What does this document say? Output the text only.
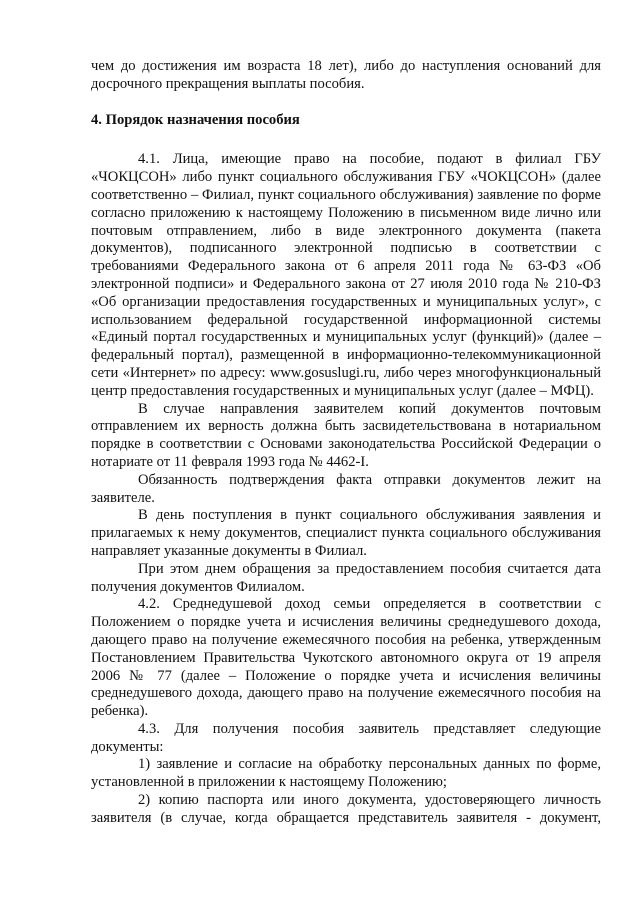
чем до достижения им возраста 18 лет), либо до наступления оснований для досрочного прекращения выплаты пособия.

4. Порядок назначения пособия

4.1. Лица, имеющие право на пособие, подают в филиал ГБУ «ЧОКЦСОН» либо пункт социального обслуживания ГБУ «ЧОКЦСОН» (далее соответственно – Филиал, пункт социального обслуживания) заявление по форме согласно приложению к настоящему Положению в письменном виде лично или почтовым отправлением, либо в виде электронного документа (пакета документов), подписанного электронной подписью в соответствии с требованиями Федерального закона от 6 апреля 2011 года № 63-ФЗ «Об электронной подписи» и Федерального закона от 27 июля 2010 года № 210-ФЗ «Об организации предоставления государственных и муниципальных услуг», с использованием федеральной государственной информационной системы «Единый портал государственных и муниципальных услуг (функций)» (далее – федеральный портал), размещенной в информационно-телекоммуникационной сети «Интернет» по адресу: www.gosuslugi.ru, либо через многофункциональный центр предоставления государственных и муниципальных услуг (далее – МФЦ).

В случае направления заявителем копий документов почтовым отправлением их верность должна быть засвидетельствована в нотариальном порядке в соответствии с Основами законодательства Российской Федерации о нотариате от 11 февраля 1993 года № 4462-I.

Обязанность подтверждения факта отправки документов лежит на заявителе.

В день поступления в пункт социального обслуживания заявления и прилагаемых к нему документов, специалист пункта социального обслуживания направляет указанные документы в Филиал.

При этом днем обращения за предоставлением пособия считается дата получения документов Филиалом.

4.2. Среднедушевой доход семьи определяется в соответствии с Положением о порядке учета и исчисления величины среднедушевого дохода, дающего право на получение ежемесячного пособия на ребенка, утвержденным Постановлением Правительства Чукотского автономного округа от 19 апреля 2006 № 77 (далее – Положение о порядке учета и исчисления величины среднедушевого дохода, дающего право на получение ежемесячного пособия на ребенка).

4.3. Для получения пособия заявитель представляет следующие документы:

1) заявление и согласие на обработку персональных данных по форме, установленной в приложении к настоящему Положению;

2) копию паспорта или иного документа, удостоверяющего личность заявителя (в случае, когда обращается представитель заявителя - документ,
